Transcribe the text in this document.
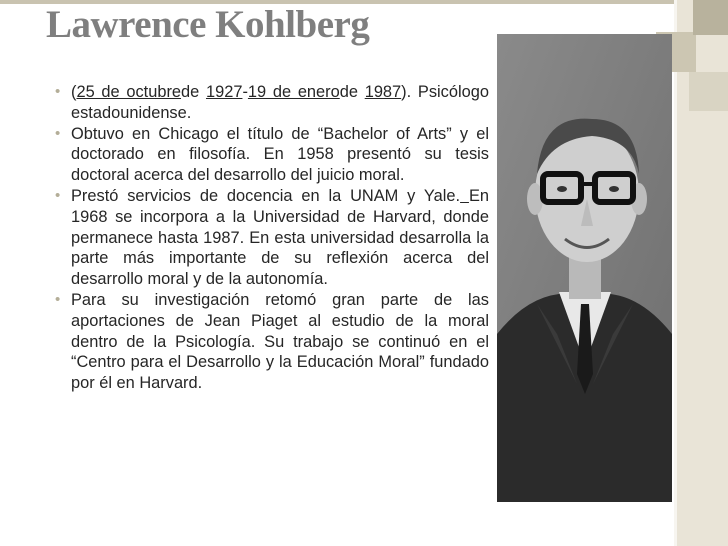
Lawrence Kohlberg
• (25 de octubrede 1927-19 de enerode 1987). Psicólogo estadounidense.
• Obtuvo en Chicago el título de “Bachelor of Arts” y el doctorado en filosofía. En 1958 presentó su tesis doctoral acerca del desarrollo del juicio moral.
• Prestó servicios de docencia en la UNAM y Yale. En 1968 se incorpora a la Universidad de Harvard, donde permanece hasta 1987. En esta universidad desarrolla la parte más importante de su reflexión acerca del desarrollo moral y de la autonomía.
• Para su investigación retomó gran parte de las aportaciones de Jean Piaget al estudio de la moral dentro de la Psicología. Su trabajo se continuó en el “Centro para el Desarrollo y la Educación Moral” fundado por él en Harvard.
